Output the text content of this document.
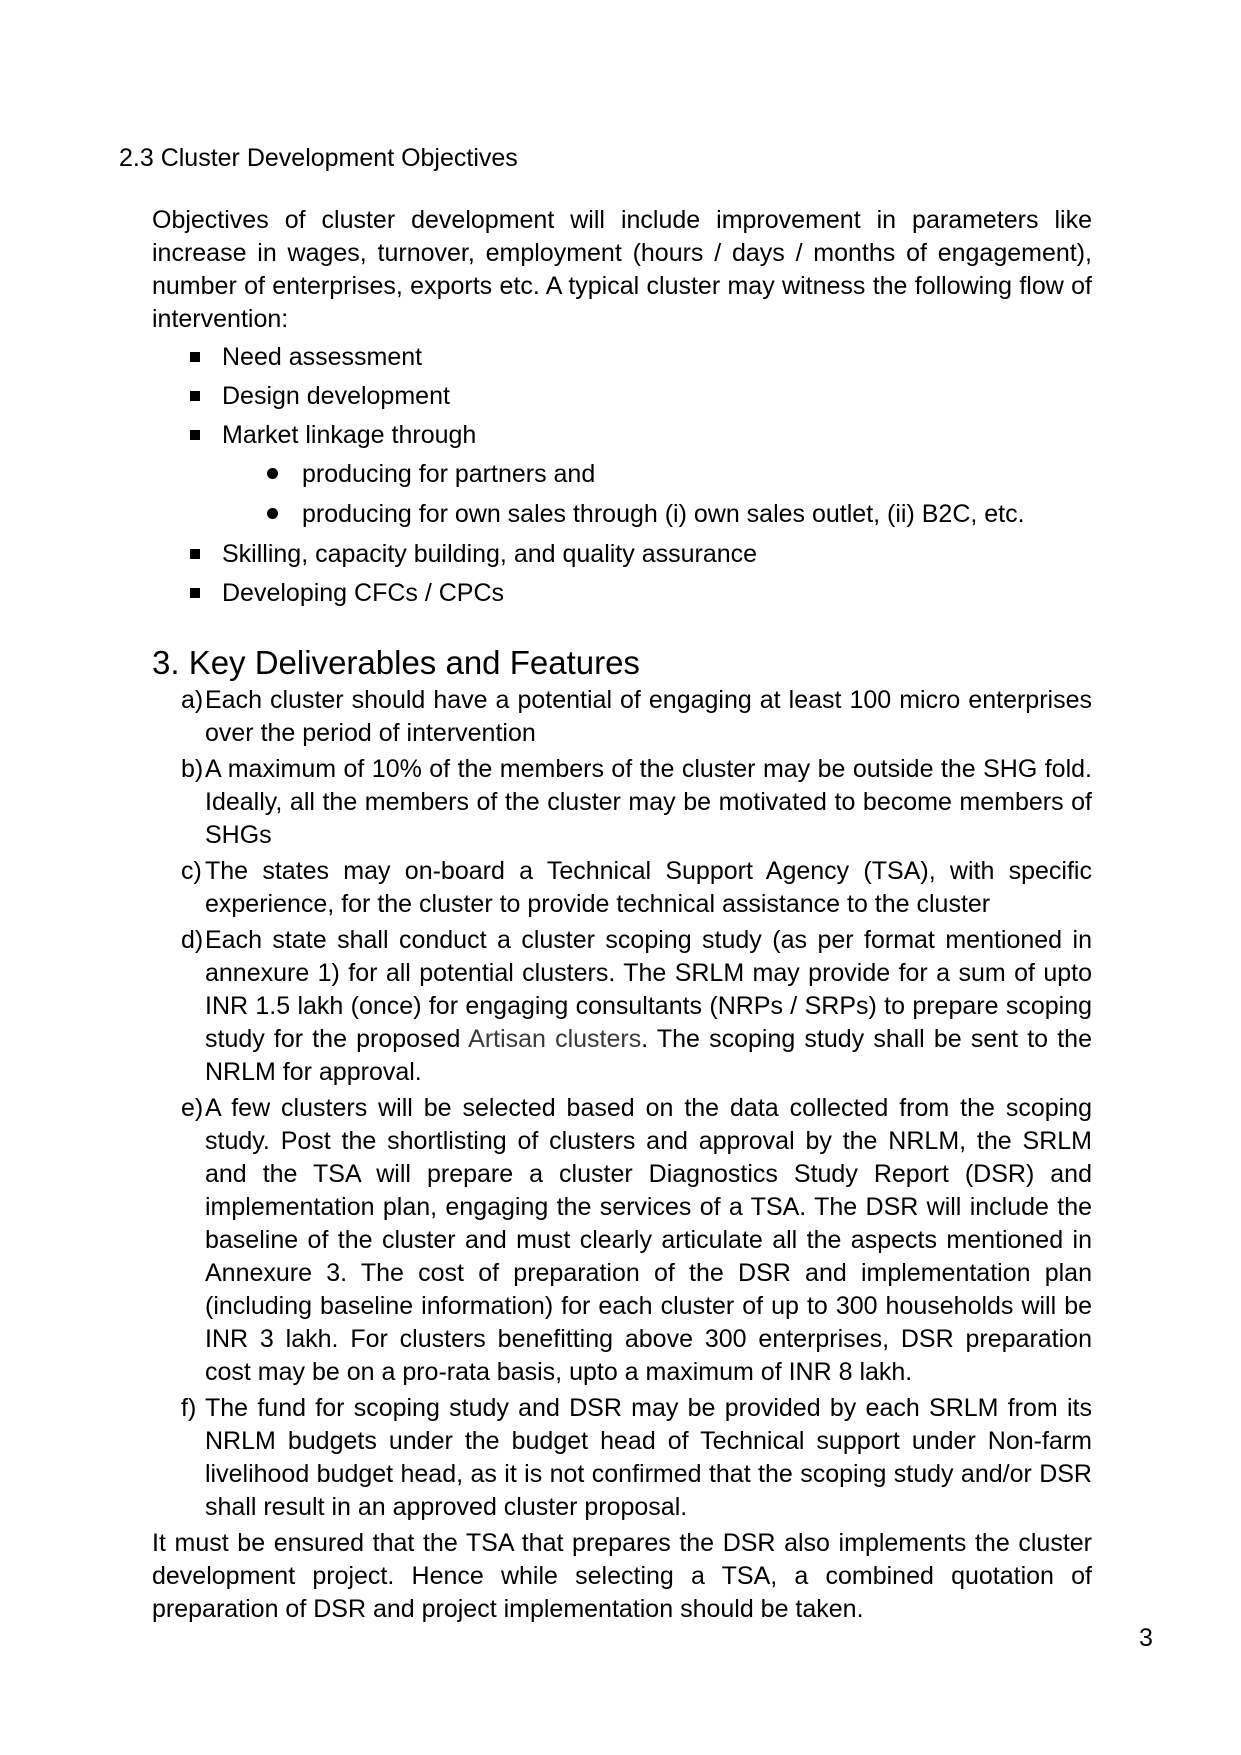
2.3 Cluster Development Objectives

Objectives of cluster development will include improvement in parameters like increase in wages, turnover, employment (hours / days / months of engagement), number of enterprises, exports etc. A typical cluster may witness the following flow of intervention:

Need assessment
Design development
Market linkage through
producing for partners and
producing for own sales through (i) own sales outlet, (ii) B2C, etc.
Skilling, capacity building, and quality assurance
Developing CFCs / CPCs
3. Key Deliverables and Features
a) Each cluster should have a potential of engaging at least 100 micro enterprises over the period of intervention
b) A maximum of 10% of the members of the cluster may be outside the SHG fold. Ideally, all the members of the cluster may be motivated to become members of SHGs
c) The states may on-board a Technical Support Agency (TSA), with specific experience, for the cluster to provide technical assistance to the cluster
d) Each state shall conduct a cluster scoping study (as per format mentioned in annexure 1) for all potential clusters. The SRLM may provide for a sum of upto INR 1.5 lakh (once) for engaging consultants (NRPs / SRPs) to prepare scoping study for the proposed Artisan clusters. The scoping study shall be sent to the NRLM for approval.
e) A few clusters will be selected based on the data collected from the scoping study. Post the shortlisting of clusters and approval by the NRLM, the SRLM and the TSA will prepare a cluster Diagnostics Study Report (DSR) and implementation plan, engaging the services of a TSA. The DSR will include the baseline of the cluster and must clearly articulate all the aspects mentioned in Annexure 3. The cost of preparation of the DSR and implementation plan (including baseline information) for each cluster of up to 300 households will be INR 3 lakh. For clusters benefitting above 300 enterprises, DSR preparation cost may be on a pro-rata basis, upto a maximum of INR 8 lakh.
f) The fund for scoping study and DSR may be provided by each SRLM from its NRLM budgets under the budget head of Technical support under Non-farm livelihood budget head, as it is not confirmed that the scoping study and/or DSR shall result in an approved cluster proposal.

It must be ensured that the TSA that prepares the DSR also implements the cluster development project. Hence while selecting a TSA, a combined quotation of preparation of DSR and project implementation should be taken.

3
